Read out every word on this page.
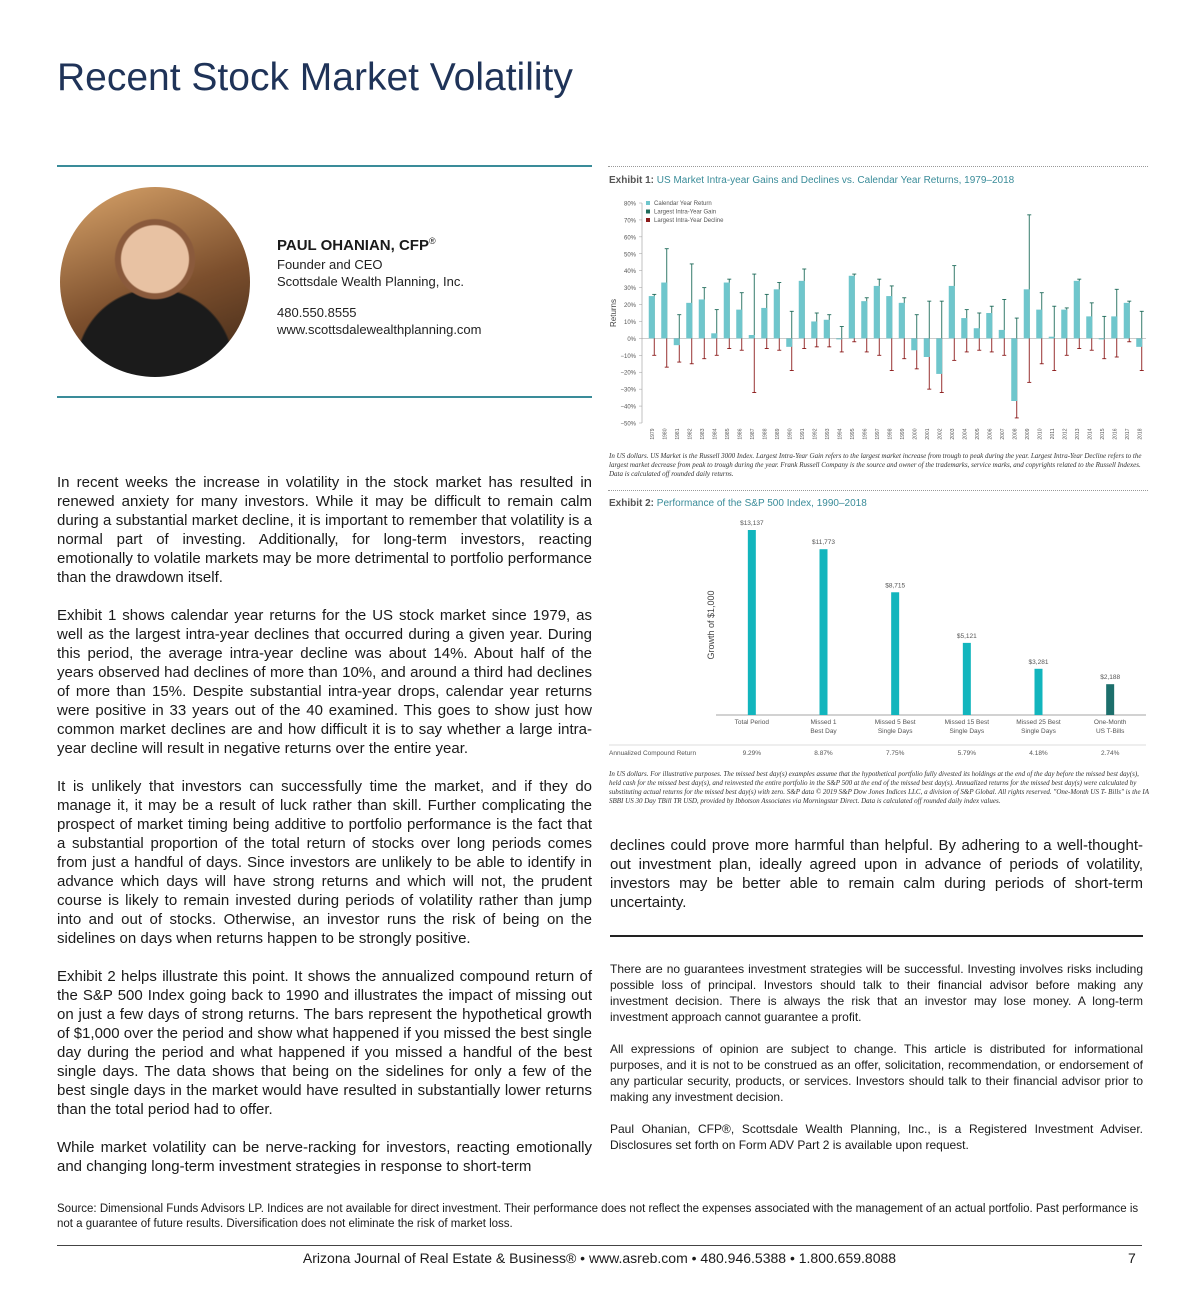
Recent Stock Market Volatility
PAUL OHANIAN, CFP®
Founder and CEO
Scottsdale Wealth Planning, Inc.
480.550.8555
www.scottsdalewealthplanning.com

In recent weeks the increase in volatility in the stock market has resulted in renewed anxiety for many investors. While it may be difficult to remain calm during a substantial market decline, it is important to remember that volatility is a normal part of investing. Additionally, for long-term investors, reacting emotionally to volatile markets may be more detrimental to portfolio performance than the drawdown itself.

Exhibit 1 shows calendar year returns for the US stock market since 1979, as well as the largest intra-year declines that occurred during a given year. During this period, the average intra-year decline was about 14%. About half of the years observed had declines of more than 10%, and around a third had declines of more than 15%. Despite substantial intra-year drops, calendar year returns were positive in 33 years out of the 40 examined. This goes to show just how common market declines are and how difficult it is to say whether a large intra-year decline will result in negative returns over the entire year.

It is unlikely that investors can successfully time the market, and if they do manage it, it may be a result of luck rather than skill. Further complicating the prospect of market timing being additive to portfolio performance is the fact that a substantial proportion of the total return of stocks over long periods comes from just a handful of days. Since investors are unlikely to be able to identify in advance which days will have strong returns and which will not, the prudent course is likely to remain invested during periods of volatility rather than jump into and out of stocks. Otherwise, an investor runs the risk of being on the sidelines on days when returns happen to be strongly positive.

Exhibit 2 helps illustrate this point. It shows the annualized compound return of the S&P 500 Index going back to 1990 and illustrates the impact of missing out on just a few days of strong returns. The bars represent the hypothetical growth of $1,000 over the period and show what happened if you missed the best single day during the period and what happened if you missed a handful of the best single days. The data shows that being on the sidelines for only a few of the best single days in the market would have resulted in substantially lower returns than the total period had to offer.

While market volatility can be nerve-racking for investors, reacting emotionally and changing long-term investment strategies in response to short-term

Exhibit 1: US Market Intra-year Gains and Declines vs. Calendar Year Returns, 1979–2018
80%
70%
60%
50%
40%
30%
20%
10%
0%
−10%
−20%
−30%
−40%
−50%
Returns
Calendar Year Return
Largest Intra-Year Gain
Largest Intra-Year Decline
1979 1980 1981 1982 1983 1984 1985 1986 1987 1988 1989 1990 1991 1992 1993 1994 1995 1996 1997 1998 1999 2000 2001 2002 2003 2004 2005 2006 2007 2008 2009 2010 2011 2012 2013 2014 2015 2016 2017 2018
In US dollars. US Market is the Russell 3000 Index. Largest Intra-Year Gain refers to the largest market increase from trough to peak during the year. Largest Intra-Year Decline refers to the largest market decrease from peak to trough during the year. Frank Russell Company is the source and owner of the trademarks, service marks, and copyrights related to the Russell Indexes. Data is calculated off rounded daily returns.
Exhibit 2: Performance of the S&P 500 Index, 1990–2018
Growth of $1,000
$13,137
Total Period
9.29%
$11,773
Missed 1
Best Day
8.87%
$8,715
Missed 5 Best
Single Days
7.75%
$5,121
Missed 15 Best
Single Days
5.79%
$3,281
Missed 25 Best
Single Days
4.18%
$2,188
One-Month
US T-Bills
2.74%
Annualized Compound Return
In US dollars. For illustrative purposes. The missed best day(s) examples assume that the hypothetical portfolio fully divested its holdings at the end of the day before the missed best day(s), held cash for the missed best day(s), and reinvested the entire portfolio in the S&P 500 at the end of the missed best day(s). Annualized returns for the missed best day(s) were calculated by substituting actual returns for the missed best day(s) with zero. S&P data © 2019 S&P Dow Jones Indices LLC, a division of S&P Global. All rights reserved. "One-Month US T- Bills" is the IA SBBI US 30 Day TBill TR USD, provided by Ibbotson Associates via Morningstar Direct. Data is calculated off rounded daily index values.
declines could prove more harmful than helpful. By adhering to a well-thought-out investment plan, ideally agreed upon in advance of periods of volatility, investors may be better able to remain calm during periods of short-term uncertainty.

There are no guarantees investment strategies will be successful. Investing involves risks including possible loss of principal. Investors should talk to their financial advisor before making any investment decision. There is always the risk that an investor may lose money. A long-term investment approach cannot guarantee a profit.

All expressions of opinion are subject to change. This article is distributed for informational purposes, and it is not to be construed as an offer, solicitation, recommendation, or endorsement of any particular security, products, or services. Investors should talk to their financial advisor prior to making any investment decision.

Paul Ohanian, CFP®, Scottsdale Wealth Planning, Inc., is a Registered Investment Adviser. Disclosures set forth on Form ADV Part 2 is available upon request.

Source: Dimensional Funds Advisors LP. Indices are not available for direct investment. Their performance does not reflect the expenses associated with the management of an actual portfolio. Past performance is not a guarantee of future results. Diversification does not eliminate the risk of market loss.
Arizona Journal of Real Estate & Business® • www.asreb.com • 480.946.5388 • 1.800.659.8088	7
